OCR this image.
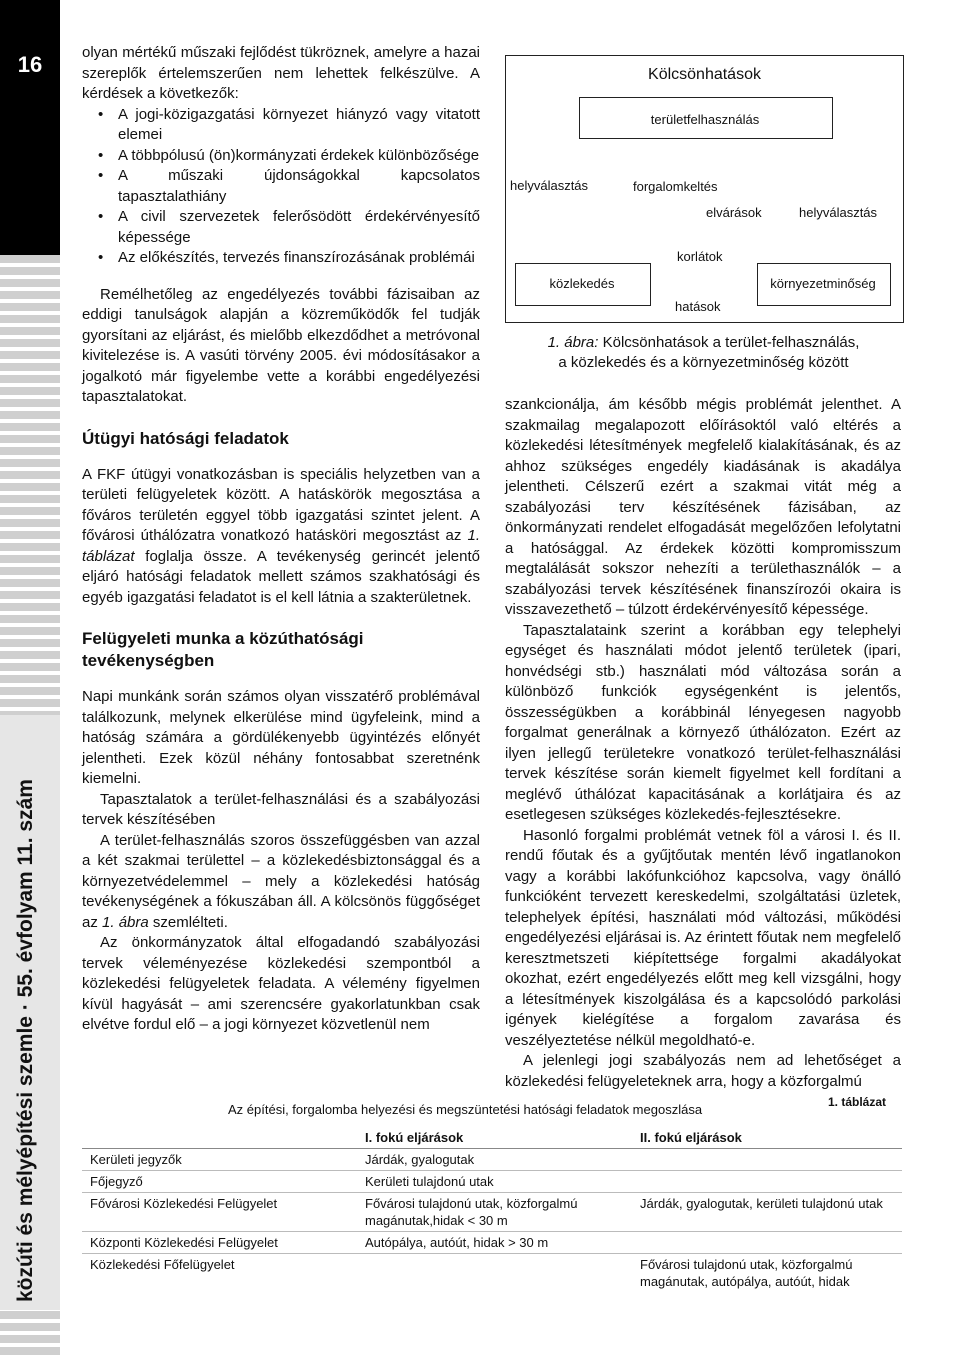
16
közúti és mélyépítési szemle · 55. évfolyam 11. szám

olyan mértékű műszaki fejlődést tükröznek, amelyre a hazai szereplők értelemszerűen nem lehettek felkészülve. A kérdések a következők:

• A jogi-közigazgatási környezet hiányzó vagy vitatott elemei
• A többpólusú (ön)kormányzati érdekek különbözősége
• A műszaki újdonságokkal kapcsolatos tapasztalathiány
• A civil szervezetek felerősödött érdekérvényesítő képessége
• Az előkészítés, tervezés finanszírozásának problémái

Remélhetőleg az engedélyezés további fázisaiban az eddigi tanulságok alapján a közreműködők fel tudják gyorsítani az eljárást, és mielőbb elkezdődhet a metróvonal kivitelezése is. A vasúti törvény 2005. évi módosításakor a jogalkotó már figyelembe vette a korábbi engedélyezési tapasztalatokat.

Útügyi hatósági feladatok

A FKF útügyi vonatkozásban is speciális helyzetben van a területi felügyeletek között. A hatáskörök megosztása a főváros területén eggyel több igazgatási szintet jelent. A fővárosi úthálózatra vonatkozó hatásköri megosztást az 1. táblázat foglalja össze. A tevékenység gerincét jelentő eljáró hatósági feladatok mellett számos szakhatósági és egyéb igazgatási feladatot is el kell látnia a szakterületnek.

Felügyeleti munka a közúthatósági tevékenységben

Napi munkánk során számos olyan visszatérő problémával találkozunk, melynek elkerülése mind ügyfeleink, mind a hatóság számára a gördülékenyebb ügyintézés előnyét jelentheti. Ezek közül néhány fontosabbat szeretnénk kiemelni.

Tapasztalatok a terület-felhasználási és a szabályozási tervek készítésében

A terület-felhasználás szoros összefüggésben van azzal a két szakmai területtel – a közlekedésbiztonsággal és a környezetvédelemmel – mely a közlekedési hatóság tevékenységének a fókuszában áll. A kölcsönös függőséget az 1. ábra szemlélteti.

Az önkormányzatok által elfogadandó szabályozási tervek véleményezése közlekedési szempontból a közlekedési felügyeletek feladata. A vélemény figyelmen kívül hagyását – ami szerencsére gyakorlatunkban csak elvétve fordul elő – a jogi környezet közvetlenül nem

Kölcsönhatások
területfelhasználás
helyválasztás	forgalomkeltés
elvárások	helyválasztás
korlátok
közlekedés	környezetminőség
hatások
1. ábra: Kölcsönhatások a terület-felhasználás,
a közlekedés és a környezetminőség között

szankcionálja, ám később mégis problémát jelenthet. A szakmailag megalapozott előírásoktól való eltérés a közlekedési létesítmények megfelelő kialakításának, és az ahhoz szükséges engedély kiadásának is akadálya jelentheti. Célszerű ezért a szakmai vitát még a szabályozási terv készítésének fázisában, az önkormányzati rendelet elfogadását megelőzően lefolytatni a hatósággal. Az érdekek közötti kompromisszum megtalálását sokszor nehezíti a területhasználók – a szabályozási tervek készítésének finanszírozói okaira is visszavezethető – túlzott érdekérvényesítő képessége.

Tapasztalataink szerint a korábban egy telephelyi egységet és használati módot jelentő területek (ipari, honvédségi stb.) használati mód változása során a különböző funkciók egységenként is jelentős, összességükben a korábbinál lényegesen nagyobb forgalmat generálnak a környező úthálózaton. Ezért az ilyen jellegű területekre vonatkozó terület-felhasználási tervek készítése során kiemelt figyelmet kell fordítani a meglévő úthálózat kapacitásának a korlátjaira és az esetlegesen szükséges közlekedés-fejlesztésekre.

Hasonló forgalmi problémát vetnek föl a városi I. és II. rendű főutak és a gyűjtőutak mentén lévő ingatlanokon vagy a korábbi lakófunkcióhoz kapcsolva, vagy önálló funkcióként tervezett kereskedelmi, szolgáltatási üzletek, telephelyek építési, használati mód változási, működési engedélyezési eljárásai is. Az érintett főutak nem megfelelő keresztmetszeti kiépítettsége forgalmi akadályokat okozhat, ezért engedélyezés előtt meg kell vizsgálni, hogy a létesítmények kiszolgálása és a kapcsolódó parkolási igények kielégítése a forgalom zavarása és veszélyeztetése nélkül megoldható-e.

A jelenlegi jogi szabályozás nem ad lehetőséget a közlekedési felügyeleteknek arra, hogy a közforgalmú

1. táblázat
Az építési, forgalomba helyezési és megszüntetési hatósági feladatok megoszlása
	I. fokú eljárások	II. fokú eljárások
Kerületi jegyzők	Járdák, gyalogutak	
Főjegyző	Kerületi tulajdonú utak	
Fővárosi Közlekedési Felügyelet	Fővárosi tulajdonú utak, közforgalmú magánutak,hidak < 30 m	Járdák, gyalogutak, kerületi tulajdonú utak
Központi Közlekedési Felügyelet	Autópálya, autóút, hidak > 30 m	
Közlekedési Főfelügyelet		Fővárosi tulajdonú utak, közforgalmú magánutak, autópálya, autóút, hidak
